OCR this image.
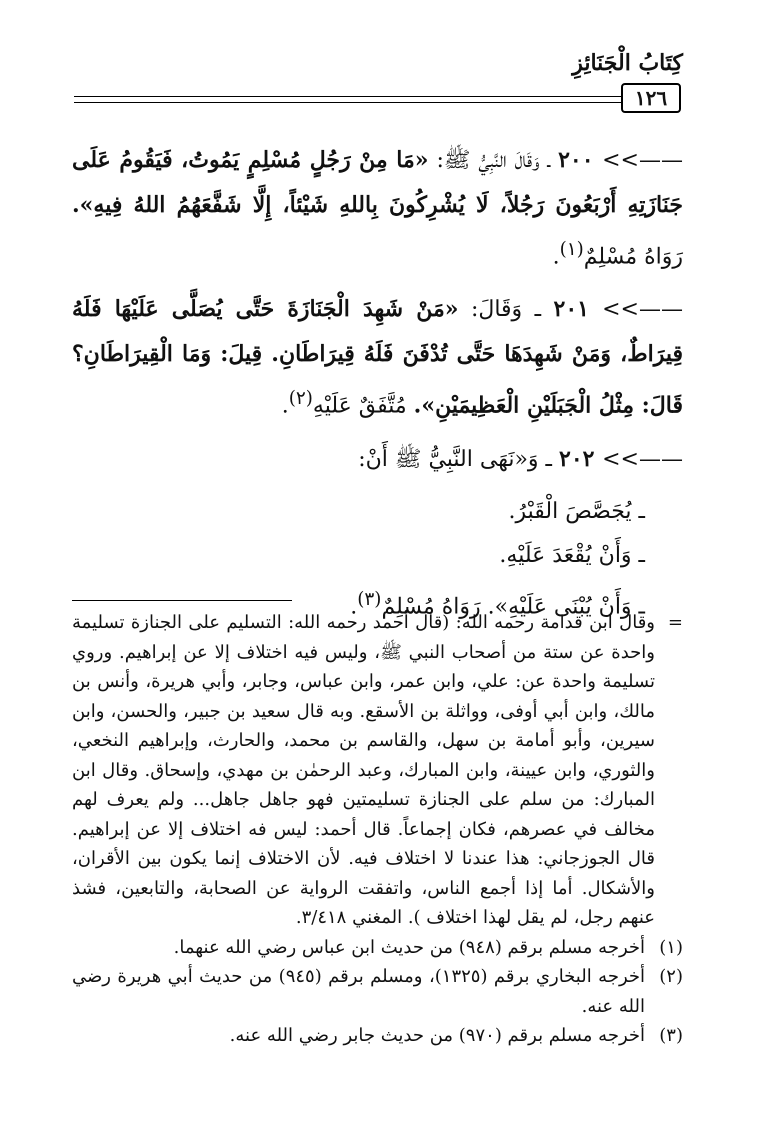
كِتَابُ الْجَنَائِزِ
١٢٦

——>> ٢٠٠ ـ وَقَالَ النَّبِيُّ ﷺ: «مَا مِنْ رَجُلٍ مُسْلِمٍ يَمُوتُ، فَيَقُومُ عَلَى جَنَازَتِهِ أَرْبَعُونَ رَجُلاً، لَا يُشْرِكُونَ بِاللهِ شَيْئاً، إِلَّا شَفَّعَهُمُ اللهُ فِيهِ». رَوَاهُ مُسْلِمٌ$^{(١)}$.

——>> ٢٠١ ـ وَقَالَ: «مَنْ شَهِدَ الْجَنَازَةَ حَتَّى يُصَلَّى عَلَيْهَا فَلَهُ قِيرَاطٌ، وَمَنْ شَهِدَهَا حَتَّى تُدْفَنَ فَلَهُ قِيرَاطَانِ. قِيلَ: وَمَا الْقِيرَاطَانِ؟ قَالَ: مِثْلُ الْجَبَلَيْنِ الْعَظِيمَيْنِ». مُتَّفَقٌ عَلَيْهِ$^{(٢)}$.

——>> ٢٠٢ ـ وَ«نَهَى النَّبِيُّ ﷺ أَنْ:

ـ يُجَصَّصَ الْقَبْرُ.

ـ وَأَنْ يُقْعَدَ عَلَيْهِ.

ـ وَأَنْ يُبْنَى عَلَيْهِ». رَوَاهُ مُسْلِمٌ$^{(٣)}$.

=
وقال ابن قدامة رحمه الله: (قال أحمد رحمه الله: التسليم على الجنازة تسليمة واحدة عن ستة من أصحاب النبي ﷺ، وليس فيه اختلاف إلا عن إبراهيم. وروي تسليمة واحدة عن: علي، وابن عمر، وابن عباس، وجابر، وأبي هريرة، وأنس بن مالك، وابن أبي أوفى، وواثلة بن الأسقع. وبه قال سعيد بن جبير، والحسن، وابن سيرين، وأبو أمامة بن سهل، والقاسم بن محمد، والحارث، وإبراهيم النخعي، والثوري، وابن عيينة، وابن المبارك، وعبد الرحمٰن بن مهدي، وإسحاق. وقال ابن المبارك: من سلم على الجنازة تسليمتين فهو جاهل جاهل... ولم يعرف لهم مخالف في عصرهم، فكان إجماعاً. قال أحمد: ليس فه اختلاف إلا عن إبراهيم. قال الجوزجاني: هذا عندنا لا اختلاف فيه. لأن الاختلاف إنما يكون بين الأقران، والأشكال. أما إذا أجمع الناس، واتفقت الرواية عن الصحابة، والتابعين، فشذ عنهم رجل، لم يقل لهذا اختلاف ). المغني ٣/٤١٨.
(١)
أخرجه مسلم برقم (٩٤٨) من حديث ابن عباس رضي الله عنهما.
(٢)
أخرجه البخاري برقم (١٣٢٥)، ومسلم برقم (٩٤٥) من حديث أبي هريرة رضي الله عنه.
(٣)
أخرجه مسلم برقم (٩٧٠) من حديث جابر رضي الله عنه.
